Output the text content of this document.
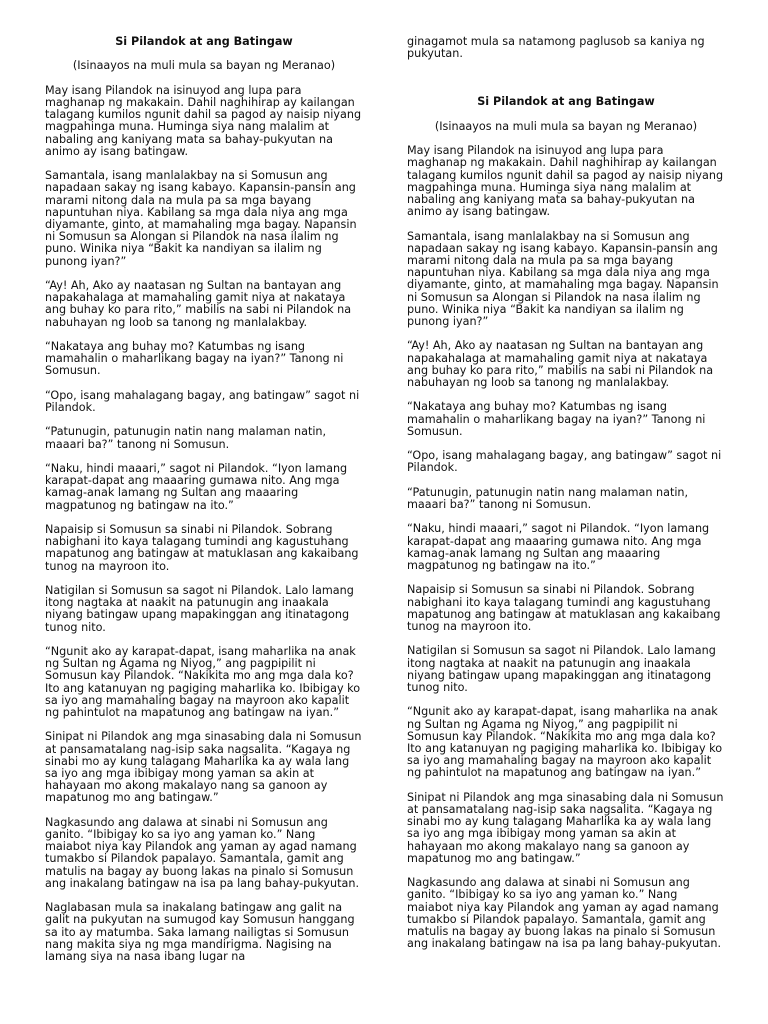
Si Pilandok at ang Batingaw

(Isinaayos na muli mula sa bayan ng Meranao)

May isang Pilandok na isinuyod ang lupa para maghanap ng makakain. Dahil naghihirap ay kailangan talagang kumilos ngunit dahil sa pagod ay naisip niyang magpahinga muna. Huminga siya nang malalim at nabaling ang kaniyang mata sa bahay-pukyutan na animo ay isang batingaw.

Samantala, isang manlalakbay na si Somusun ang napadaan sakay ng isang kabayo. Kapansin-pansin ang marami nitong dala na mula pa sa mga bayang napuntuhan niya. Kabilang sa mga dala niya ang mga diyamante, ginto, at mamahaling mga bagay. Napansin ni Somusun sa Alongan si Pilandok na nasa ilalim ng puno. Winika niya “Bakit ka nandiyan sa ilalim ng punong iyan?”

“Ay! Ah, Ako ay naatasan ng Sultan na bantayan ang napakahalaga at mamahaling gamit niya at nakataya ang buhay ko para rito,” mabilis na sabi ni Pilandok na nabuhayan ng loob sa tanong ng manlalakbay.

“Nakataya ang buhay mo? Katumbas ng isang mamahalin o maharlikang bagay na iyan?” Tanong ni Somusun.

“Opo, isang mahalagang bagay, ang batingaw” sagot ni Pilandok.

“Patunugin, patunugin natin nang malaman natin, maaari ba?” tanong ni Somusun.

“Naku, hindi maaari,” sagot ni Pilandok. “Iyon lamang karapat-dapat ang maaaring gumawa nito. Ang mga kamag-anak lamang ng Sultan ang maaaring magpatunog ng batingaw na ito.”

Napaisip si Somusun sa sinabi ni Pilandok. Sobrang nabighani ito kaya talagang tumindi ang kagustuhang mapatunog ang batingaw at matuklasan ang kakaibang tunog na mayroon ito.

Natigilan si Somusun sa sagot ni Pilandok. Lalo lamang itong nagtaka at naakit na patunugin ang inaakala niyang batingaw upang mapakinggan ang itinatagong tunog nito.

“Ngunit ako ay karapat-dapat, isang maharlika na anak ng Sultan ng Agama ng Niyog,” ang pagpipilit ni Somusun kay Pilandok. “Nakikita mo ang mga dala ko? Ito ang katanuyan ng pagiging maharlika ko. Ibibigay ko sa iyo ang mamahaling bagay na mayroon ako kapalit ng pahintulot na mapatunog ang batingaw na iyan.”

Sinipat ni Pilandok ang mga sinasabing dala ni Somusun at pansamatalang nag-isip saka nagsalita. “Kagaya ng sinabi mo ay kung talagang Maharlika ka ay wala lang sa iyo ang mga ibibigay mong yaman sa akin at hahayaan mo akong makalayo nang sa ganoon ay mapatunog mo ang batingaw.”

Nagkasundo ang dalawa at sinabi ni Somusun ang ganito. “Ibibigay ko sa iyo ang yaman ko.” Nang maiabot niya kay Pilandok ang yaman ay agad namang tumakbo si Pilandok papalayo. Samantala, gamit ang matulis na bagay ay buong lakas na pinalo si Somusun ang inakalang batingaw na isa pa lang bahay-pukyutan.

Naglabasan mula sa inakalang batingaw ang galit na galit na pukyutan na sumugod kay Somusun hanggang sa ito ay matumba. Saka lamang nailigtas si Somusun nang makita siya ng mga mandirigma. Nagising na lamang siya na nasa ibang lugar na

ginagamot mula sa natamong paglusob sa kaniya ng pukyutan.

Si Pilandok at ang Batingaw

(Isinaayos na muli mula sa bayan ng Meranao)

May isang Pilandok na isinuyod ang lupa para maghanap ng makakain. Dahil naghihirap ay kailangan talagang kumilos ngunit dahil sa pagod ay naisip niyang magpahinga muna. Huminga siya nang malalim at nabaling ang kaniyang mata sa bahay-pukyutan na animo ay isang batingaw.

Samantala, isang manlalakbay na si Somusun ang napadaan sakay ng isang kabayo. Kapansin-pansin ang marami nitong dala na mula pa sa mga bayang napuntuhan niya. Kabilang sa mga dala niya ang mga diyamante, ginto, at mamahaling mga bagay. Napansin ni Somusun sa Alongan si Pilandok na nasa ilalim ng puno. Winika niya “Bakit ka nandiyan sa ilalim ng punong iyan?”

“Ay! Ah, Ako ay naatasan ng Sultan na bantayan ang napakahalaga at mamahaling gamit niya at nakataya ang buhay ko para rito,” mabilis na sabi ni Pilandok na nabuhayan ng loob sa tanong ng manlalakbay.

“Nakataya ang buhay mo? Katumbas ng isang mamahalin o maharlikang bagay na iyan?” Tanong ni Somusun.

“Opo, isang mahalagang bagay, ang batingaw” sagot ni Pilandok.

“Patunugin, patunugin natin nang malaman natin, maaari ba?” tanong ni Somusun.

“Naku, hindi maaari,” sagot ni Pilandok. “Iyon lamang karapat-dapat ang maaaring gumawa nito. Ang mga kamag-anak lamang ng Sultan ang maaaring magpatunog ng batingaw na ito.”

Napaisip si Somusun sa sinabi ni Pilandok. Sobrang nabighani ito kaya talagang tumindi ang kagustuhang mapatunog ang batingaw at matuklasan ang kakaibang tunog na mayroon ito.

Natigilan si Somusun sa sagot ni Pilandok. Lalo lamang itong nagtaka at naakit na patunugin ang inaakala niyang batingaw upang mapakinggan ang itinatagong tunog nito.

“Ngunit ako ay karapat-dapat, isang maharlika na anak ng Sultan ng Agama ng Niyog,” ang pagpipilit ni Somusun kay Pilandok. “Nakikita mo ang mga dala ko? Ito ang katanuyan ng pagiging maharlika ko. Ibibigay ko sa iyo ang mamahaling bagay na mayroon ako kapalit ng pahintulot na mapatunog ang batingaw na iyan.”

Sinipat ni Pilandok ang mga sinasabing dala ni Somusun at pansamatalang nag-isip saka nagsalita. “Kagaya ng sinabi mo ay kung talagang Maharlika ka ay wala lang sa iyo ang mga ibibigay mong yaman sa akin at hahayaan mo akong makalayo nang sa ganoon ay mapatunog mo ang batingaw.”

Nagkasundo ang dalawa at sinabi ni Somusun ang ganito. “Ibibigay ko sa iyo ang yaman ko.” Nang maiabot niya kay Pilandok ang yaman ay agad namang tumakbo si Pilandok papalayo. Samantala, gamit ang matulis na bagay ay buong lakas na pinalo si Somusun ang inakalang batingaw na isa pa lang bahay-pukyutan.
